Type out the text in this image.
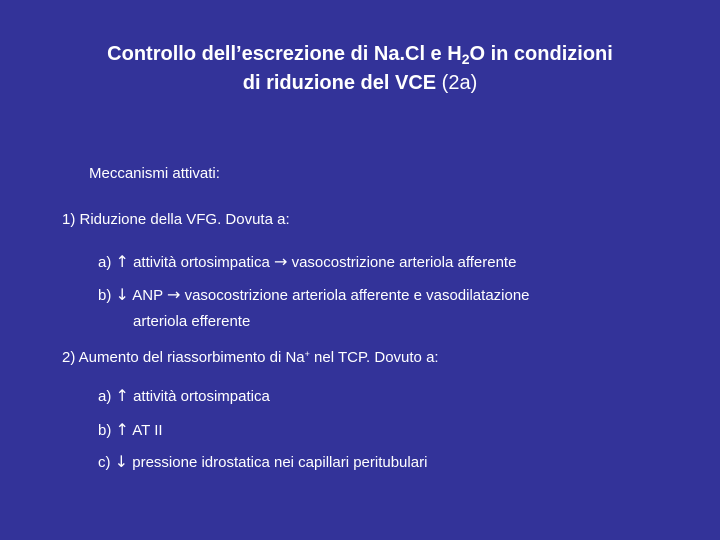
Controllo dell’escrezione di Na.Cl e $H_2O$ in condizioni
di riduzione del VCE (2a)
Meccanismi attivati:
1) Riduzione della VFG. Dovuta a:
a) ↑ attività ortosimpatica → vasocostrizione arteriola afferente
b) ↓ ANP → vasocostrizione arteriola afferente e vasodilatazione
arteriola efferente
2) Aumento del riassorbimento di Na+ nel TCP. Dovuto a:
a) ↑ attività ortosimpatica
b) ↑ AT II
c) ↓ pressione idrostatica nei capillari peritubulari
